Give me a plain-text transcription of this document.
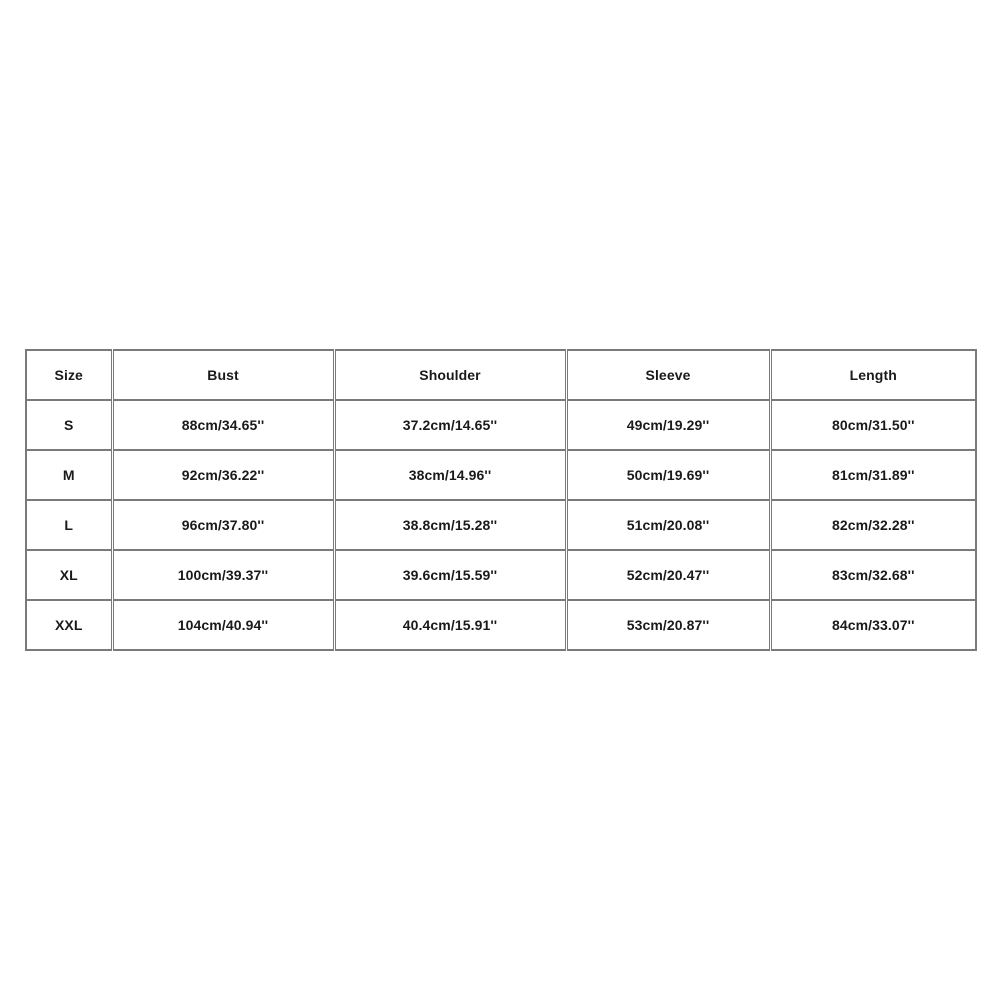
Size	Bust	Shoulder	Sleeve	Length
S	88cm/34.65''	37.2cm/14.65''	49cm/19.29''	80cm/31.50''
M	92cm/36.22''	38cm/14.96''	50cm/19.69''	81cm/31.89''
L	96cm/37.80''	38.8cm/15.28''	51cm/20.08''	82cm/32.28''
XL	100cm/39.37''	39.6cm/15.59''	52cm/20.47''	83cm/32.68''
XXL	104cm/40.94''	40.4cm/15.91''	53cm/20.87''	84cm/33.07''
